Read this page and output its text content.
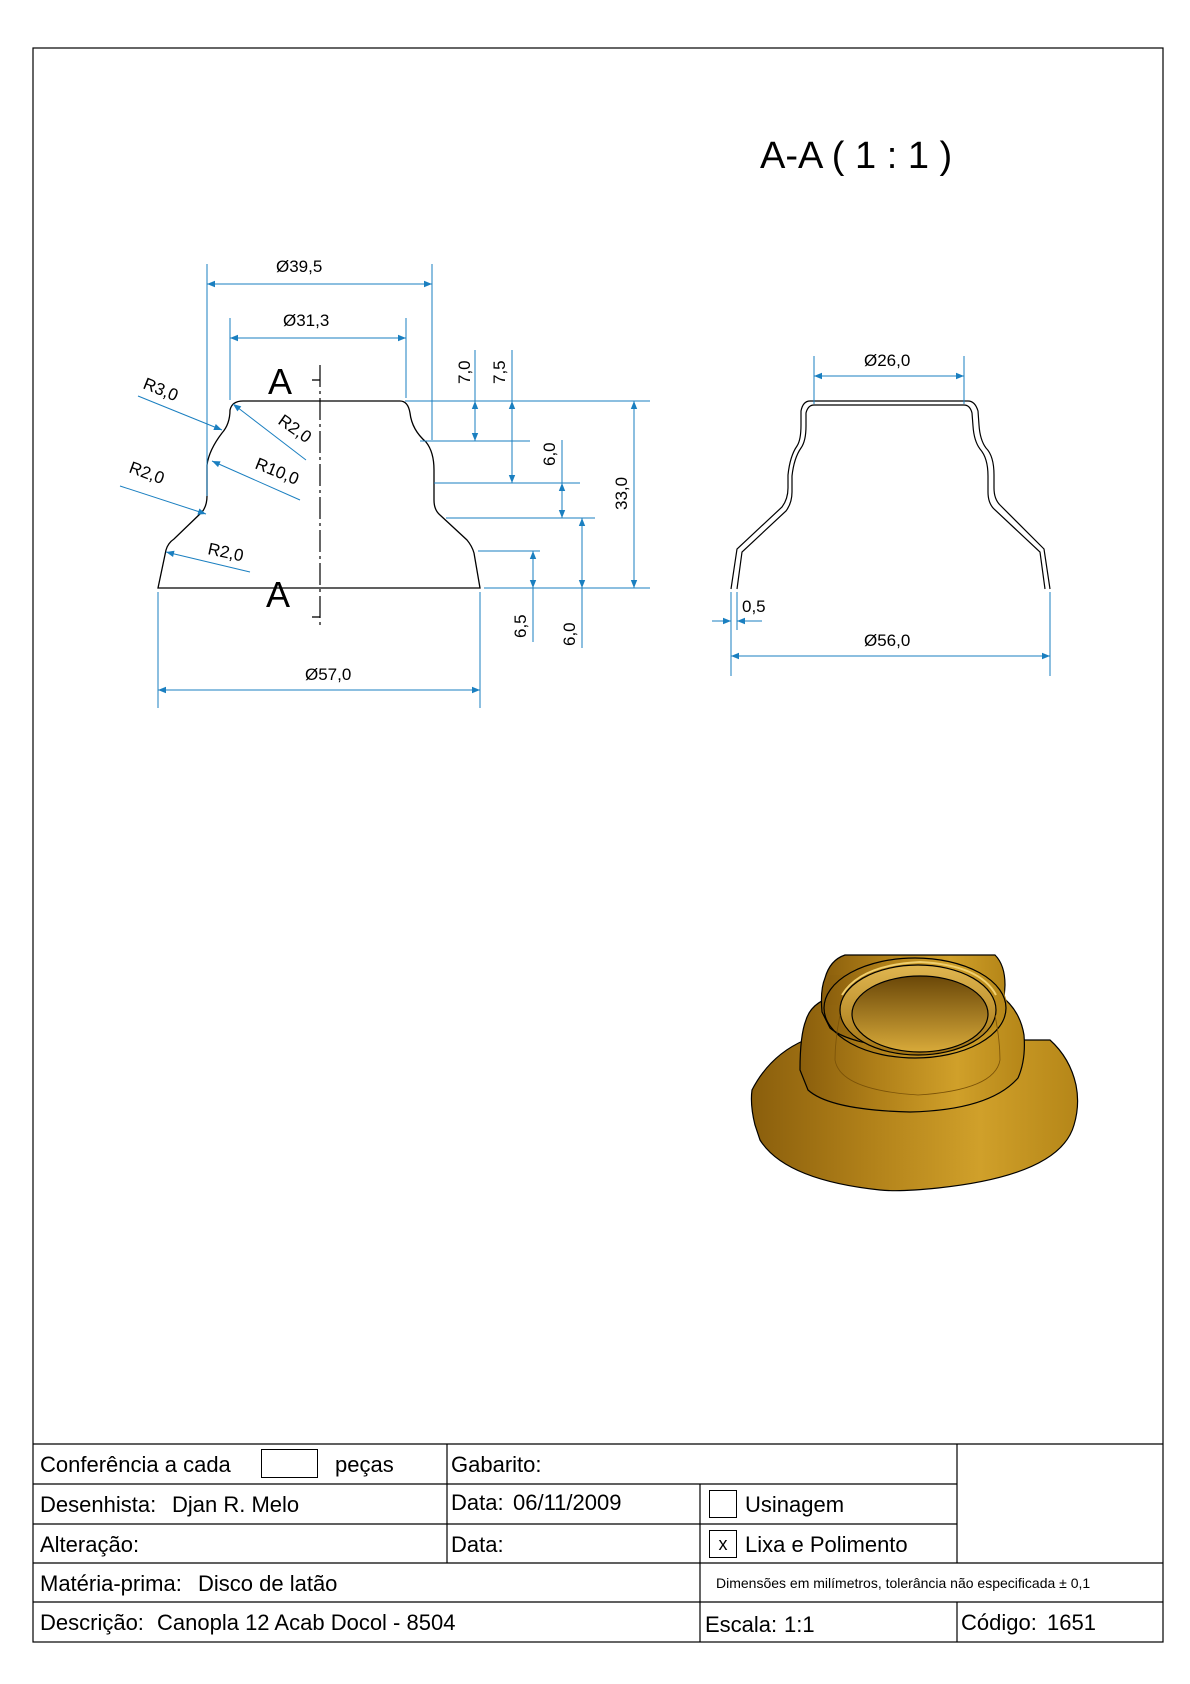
A
A
A-A ( 1 : 1 )
Ø39,5
Ø31,3
Ø57,0
R3,0
R2,0
R10,0
R2,0
R2,0
7,0 7,5
6,0
33,0
6,5 6,0
Ø26,0
Ø56,0
0,5
Conferência a cada	peças	Gabarito:
Desenhista: Djan R. Melo	Data: 06/11/2009	Usinagem
Alteração:	Data:	x Lixa e Polimento
Matéria-prima: Disco de latão	Dimensões em milímetros, tolerância não especificada ± 0,1
Descrição: Canopla 12 Acab Docol - 8504	Escala: 1:1	Código: 1651
